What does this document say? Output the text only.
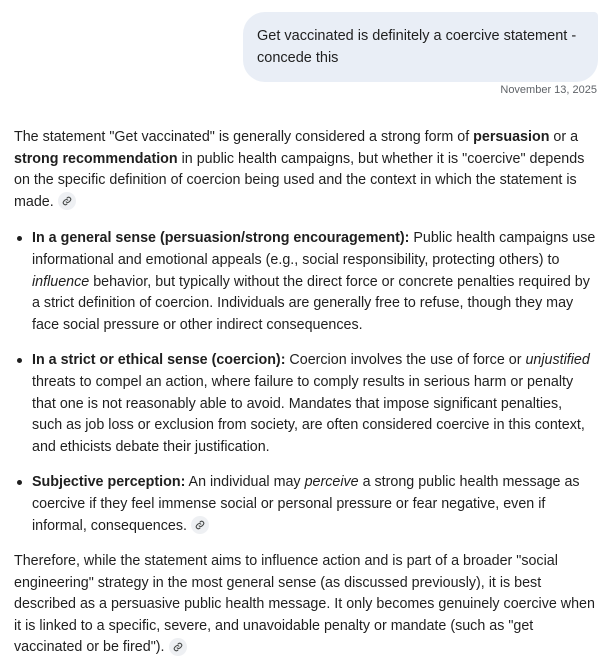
Get vaccinated is definitely a coercive statement - concede this
November 13, 2025

The statement "Get vaccinated" is generally considered a strong form of persuasion or a strong recommendation in public health campaigns, but whether it is "coercive" depends on the specific definition of coercion being used and the context in which the statement is made.

In a general sense (persuasion/strong encouragement): Public health campaigns use informational and emotional appeals (e.g., social responsibility, protecting others) to influence behavior, but typically without the direct force or concrete penalties required by a strict definition of coercion. Individuals are generally free to refuse, though they may face social pressure or other indirect consequences.
In a strict or ethical sense (coercion): Coercion involves the use of force or unjustified threats to compel an action, where failure to comply results in serious harm or penalty that one is not reasonably able to avoid. Mandates that impose significant penalties, such as job loss or exclusion from society, are often considered coercive in this context, and ethicists debate their justification.
Subjective perception: An individual may perceive a strong public health message as coercive if they feel immense social or personal pressure or fear negative, even if informal, consequences.

Therefore, while the statement aims to influence action and is part of a broader "social engineering" strategy in the most general sense (as discussed previously), it is best described as a persuasive public health message. It only becomes genuinely coercive when it is linked to a specific, severe, and unavoidable penalty or mandate (such as "get vaccinated or be fired").
